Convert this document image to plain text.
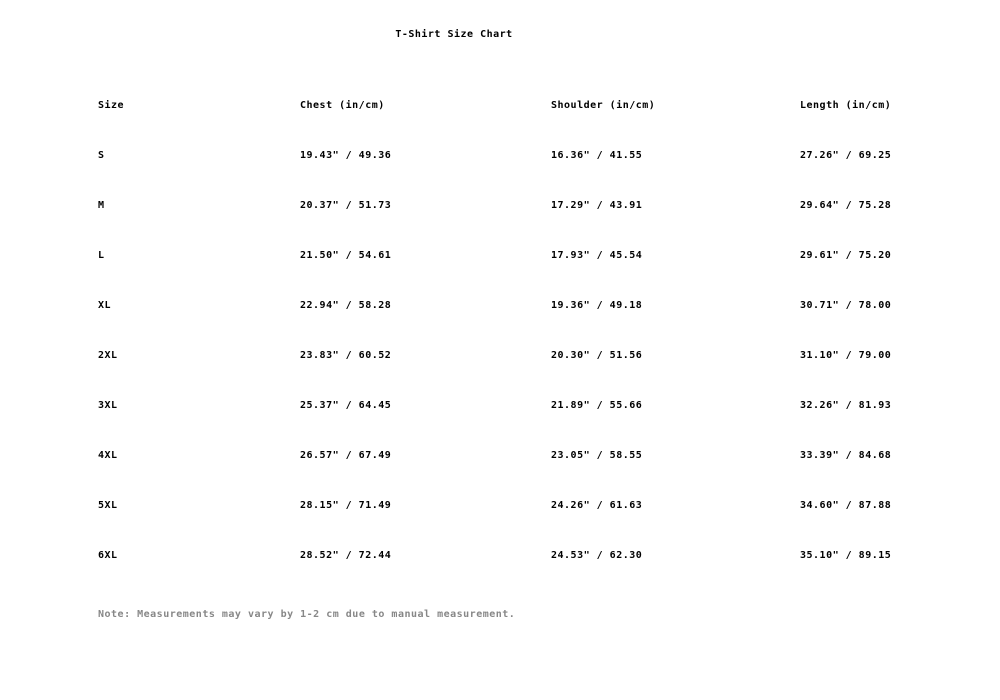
T-Shirt Size Chart
Size	Chest (in/cm)	Shoulder (in/cm)	Length (in/cm)
S	19.43" / 49.36	16.36" / 41.55	27.26" / 69.25
M	20.37" / 51.73	17.29" / 43.91	29.64" / 75.28
L	21.50" / 54.61	17.93" / 45.54	29.61" / 75.20
XL	22.94" / 58.28	19.36" / 49.18	30.71" / 78.00
2XL	23.83" / 60.52	20.30" / 51.56	31.10" / 79.00
3XL	25.37" / 64.45	21.89" / 55.66	32.26" / 81.93
4XL	26.57" / 67.49	23.05" / 58.55	33.39" / 84.68
5XL	28.15" / 71.49	24.26" / 61.63	34.60" / 87.88
6XL	28.52" / 72.44	24.53" / 62.30	35.10" / 89.15
Note: Measurements may vary by 1-2 cm due to manual measurement.
